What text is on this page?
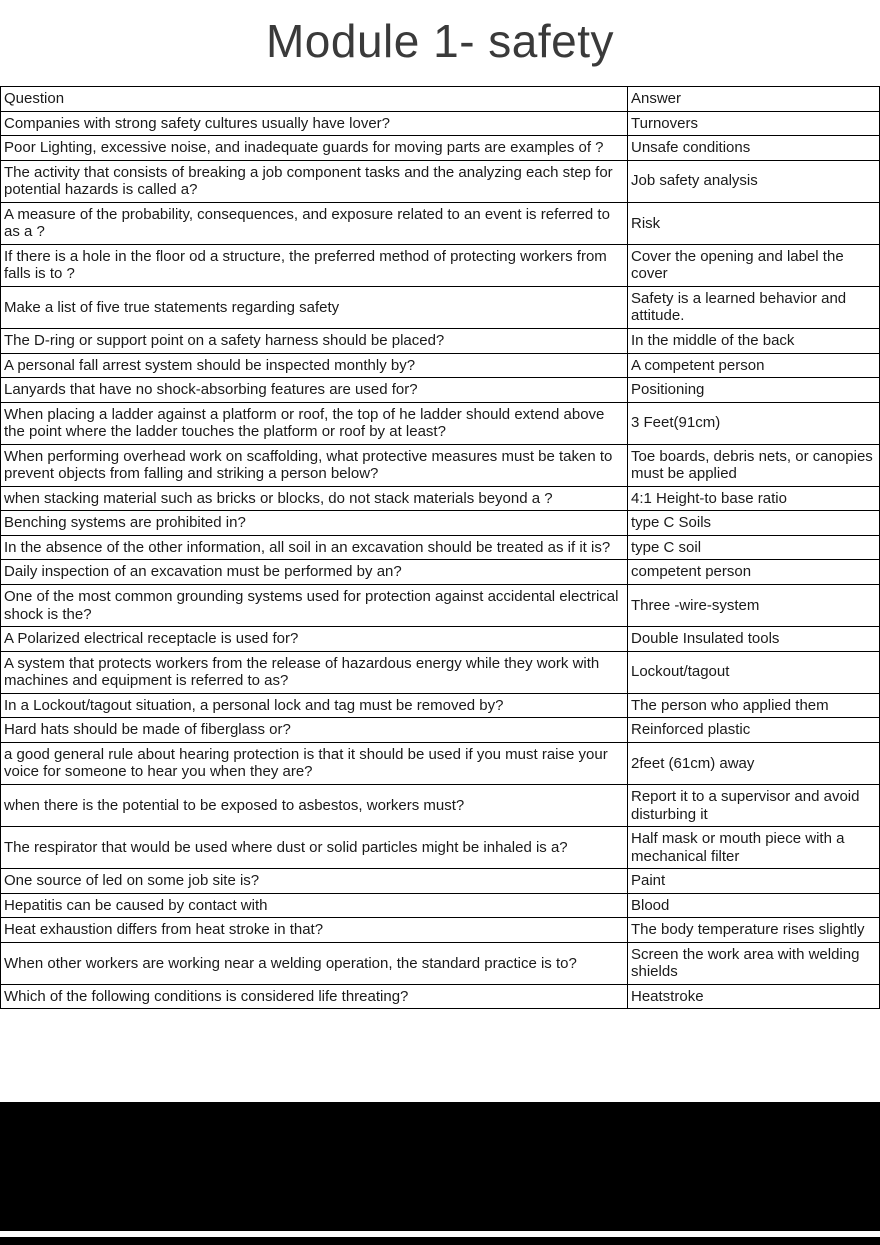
Module 1- safety
Question	Answer
Companies with strong safety cultures usually have lover?	Turnovers
Poor Lighting, excessive noise, and inadequate guards for moving parts are examples of ?	Unsafe conditions
The activity that consists of breaking a job component tasks and the analyzing each step for potential hazards is called a?	Job safety analysis
A measure of the probability, consequences, and exposure related to an event is referred to as a ?	Risk
If there is a hole in the floor od a structure, the preferred method of protecting workers from falls is to ?	Cover the opening and label the cover
Make a list of five true statements regarding safety	Safety is a learned behavior and attitude.
The D-ring or support point on a safety harness should be placed?	In the middle of the back
A personal fall arrest system should be inspected monthly by?	A competent person
Lanyards that have no shock-absorbing features are used for?	Positioning
When placing a ladder against a platform or roof, the top of he ladder should extend above the point where the ladder touches the platform or roof by at least?	3 Feet(91cm)
When performing overhead work on scaffolding, what protective measures must be taken to prevent objects from falling and striking a person below?	Toe boards, debris nets, or canopies must be applied
when stacking material such as bricks or blocks, do not stack materials beyond a ?	4:1 Height-to base ratio
Benching systems are prohibited in?	type C Soils
In the absence of the other information, all soil in an excavation should be treated as if it is?	type C soil
Daily inspection of an excavation must be performed by an?	competent person
One of the most common grounding systems used for protection against accidental electrical shock is the?	Three -wire-system
A Polarized electrical receptacle is used for?	Double Insulated tools
A system that protects workers from the release of hazardous energy while they work with machines and equipment is referred to as?	Lockout/tagout
In a Lockout/tagout situation, a personal lock and tag must be removed by?	The person who applied them
Hard hats should be made of fiberglass or?	Reinforced plastic
a good general rule about hearing protection is that it should be used if you must raise your voice for someone to hear you when they are?	2feet (61cm) away
when there is the potential to be exposed to asbestos, workers must?	Report it to a supervisor and avoid disturbing it
The respirator that would be used where dust or solid particles might be inhaled is a?	Half mask or mouth piece with a mechanical filter
One source of led on some job site is?	Paint
Hepatitis can be caused by contact with	Blood
Heat exhaustion differs from heat stroke in that?	The body temperature rises slightly
When other workers are working near a welding operation, the standard practice is to?	Screen the work area with welding shields
Which of the following conditions is considered life threating?	Heatstroke
